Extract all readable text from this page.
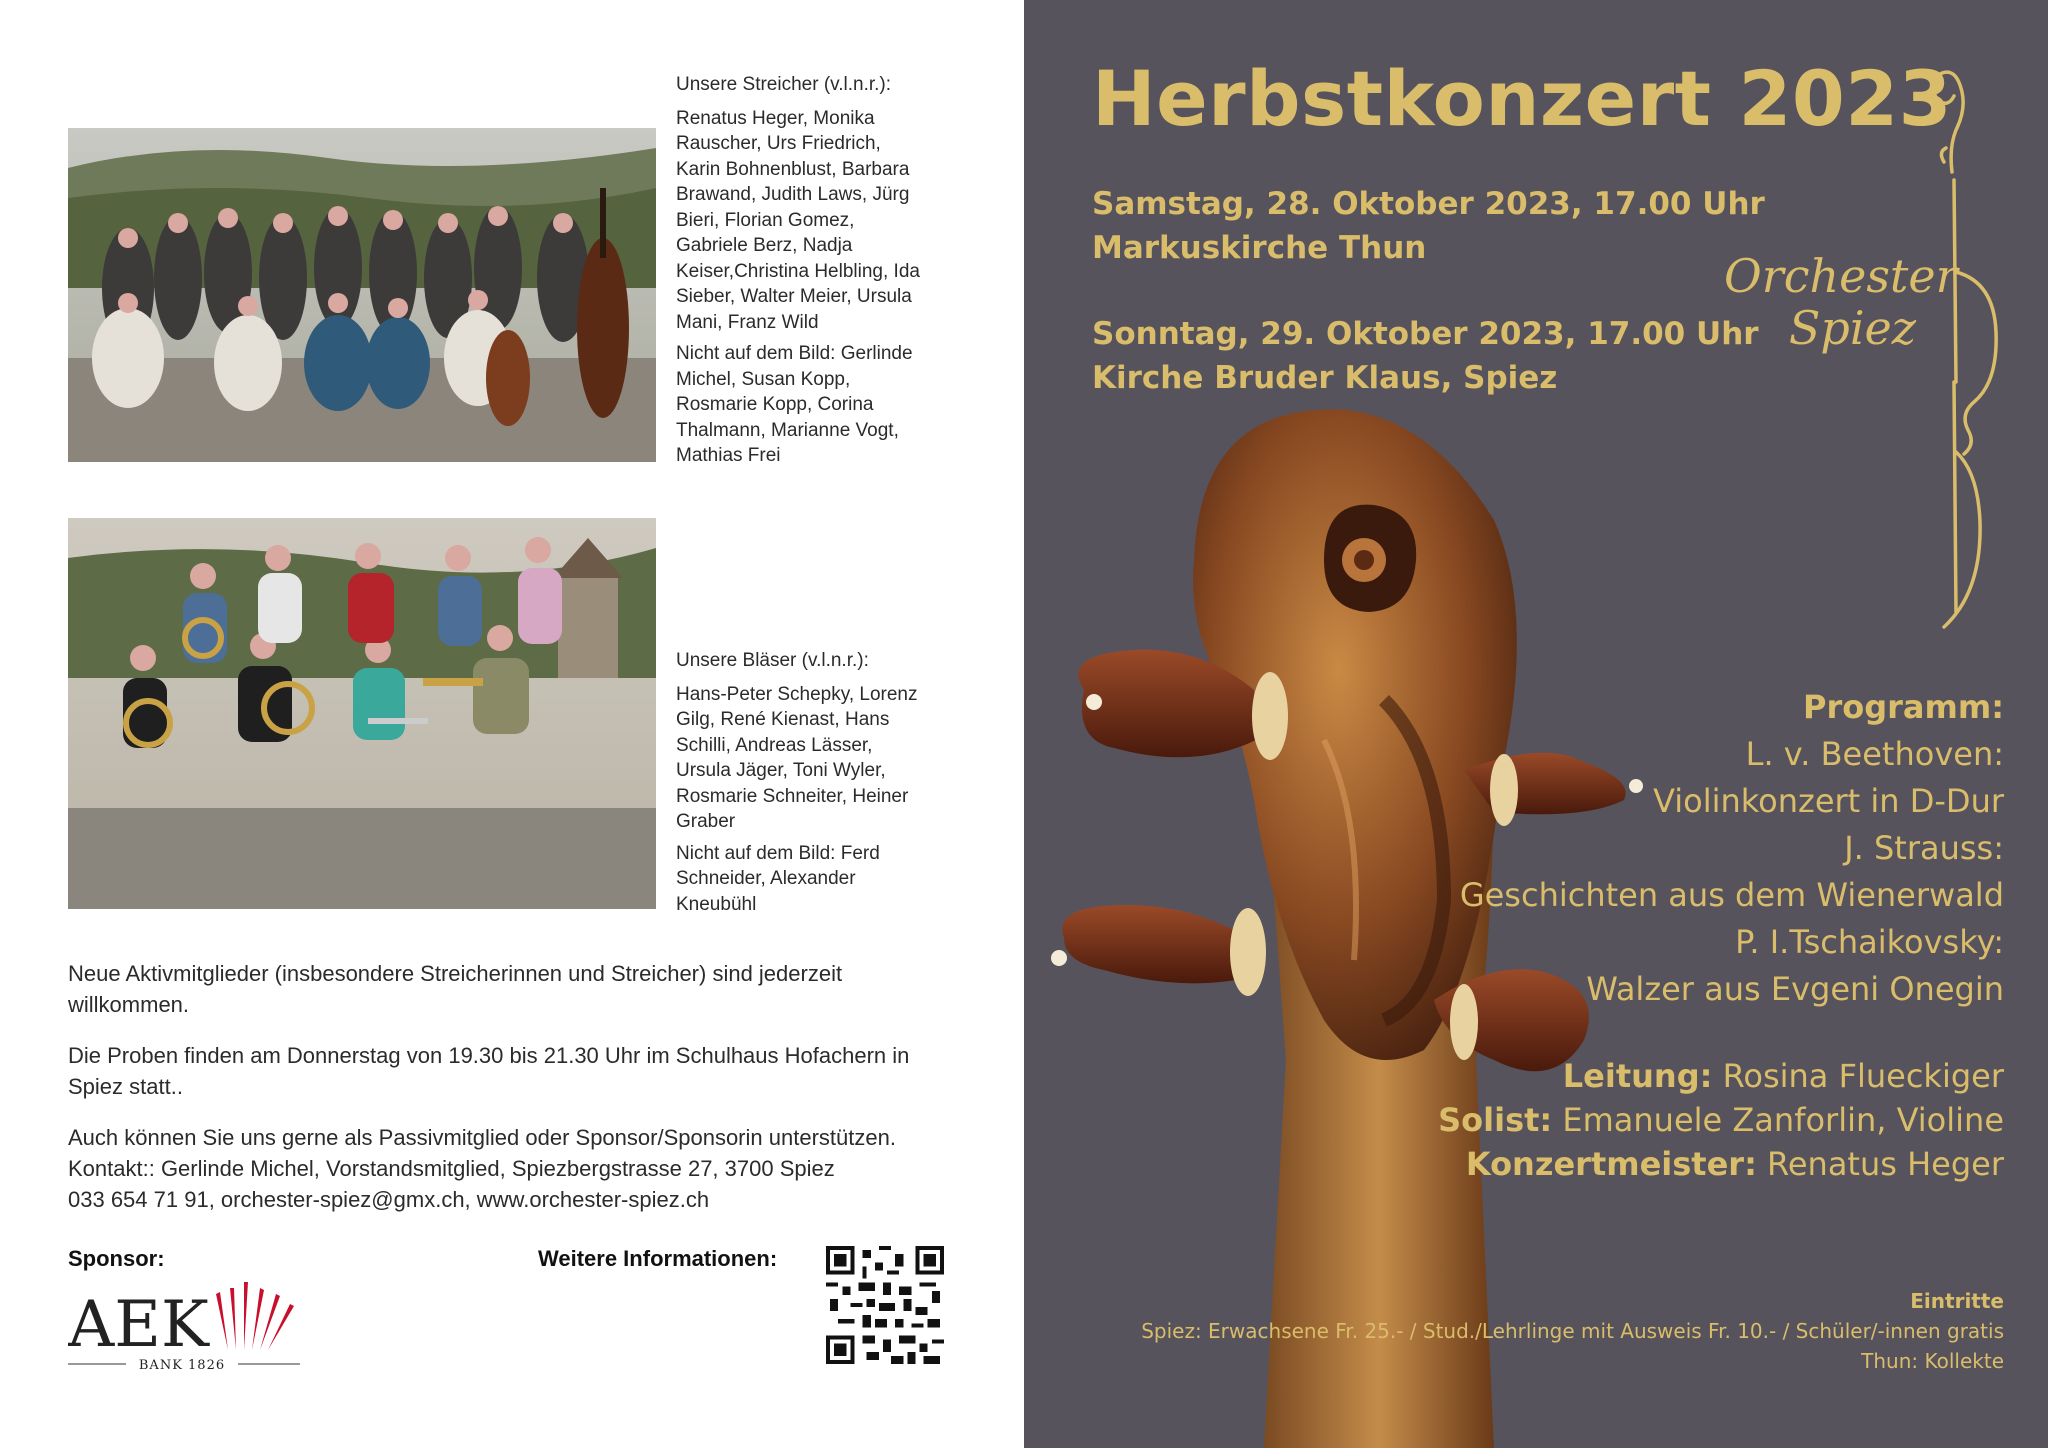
Unsere Streicher (v.l.n.r.):
Renatus Heger, Monika Rauscher, Urs Friedrich, Karin Bohnenblust, Barbara Brawand, Judith Laws, Jürg Bieri, Florian Gomez, Gabriele Berz, Nadja Keiser,Christina Helbling, Ida Sieber, Walter Meier, Ursula Mani, Franz Wild
Nicht auf dem Bild: Gerlinde Michel, Susan Kopp, Rosmarie Kopp, Corina Thalmann, Marianne Vogt, Mathias Frei
Unsere Bläser (v.l.n.r.):
Hans-Peter Schepky, Lorenz Gilg, René Kienast, Hans Schilli, Andreas Lässer, Ursula Jäger, Toni Wyler, Rosmarie Schneiter, Heiner Graber
Nicht auf dem Bild: Ferd Schneider, Alexander Kneubühl
Neue Aktivmitglieder (insbesondere Streicherinnen und Streicher) sind jederzeit willkommen.
Die Proben finden am Donnerstag von 19.30 bis 21.30 Uhr im Schulhaus Hofachern in Spiez statt..
Auch können Sie uns gerne als Passivmitglied oder Sponsor/Sponsorin unterstützen.
Kontakt:: Gerlinde Michel, Vorstandsmitglied, Spiezbergstrasse 27, 3700 Spiez
033 654 71 91, orchester-spiez@gmx.ch, www.orchester-spiez.ch
Sponsor:
AEK
BANK 1826
Weitere Informationen:
Herbstkonzert 2023
Samstag, 28. Oktober 2023, 17.00 Uhr
Markuskirche Thun
Sonntag, 29. Oktober 2023, 17.00 Uhr
Kirche Bruder Klaus, Spiez
Orchester
Spiez
Programm:
L. v. Beethoven:
Violinkonzert in D-Dur
J. Strauss:
Geschichten aus dem Wienerwald
P. I.Tschaikovsky:
Walzer aus Evgeni Onegin
Leitung: Rosina Flueckiger
Solist: Emanuele Zanforlin, Violine
Konzertmeister: Renatus Heger
Eintritte
Spiez: Erwachsene Fr. 25.- / Stud./Lehrlinge mit Ausweis Fr. 10.- / Schüler/-innen gratis
Thun: Kollekte
